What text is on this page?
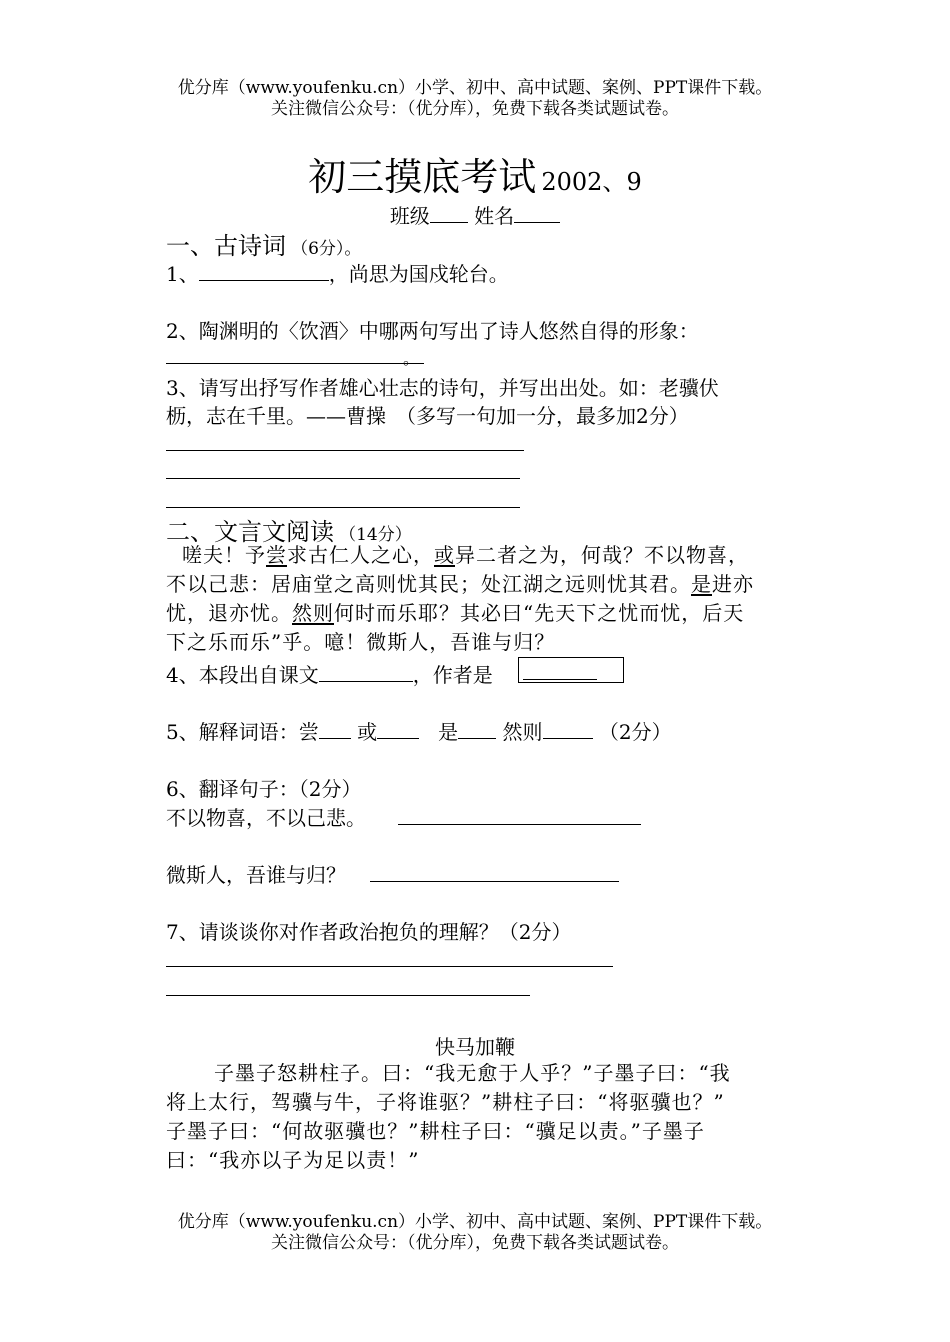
优分库（www.youfenku.cn）小学、初中、高中试题、案例、PPT课件下载。
关注微信公众号：（优分库），免费下载各类试题试卷。
初三摸底考试 2002、9
班级 姓名
一、古诗词 （6分）。
1、	，尚思为国戍轮台。
2、陶渊明的〈饮酒〉中哪两句写出了诗人悠然自得的形象：
。
3、请写出抒写作者雄心壮志的诗句，并写出出处。如：老骥伏
枥，志在千里。——曹操　（多写一句加一分，最多加2分）
二、文言文阅读 （14分）
嗟夫！予尝求古仁人之心，或异二者之为，何哉？不以物喜，
不以己悲：居庙堂之高则忧其民；处江湖之远则忧其君。是进亦
忧，退亦忧。然则何时而乐耶？其必曰“先天下之忧而忧，后天
下之乐而乐”乎。噫！微斯人，吾谁与归？
4、本段出自课文	，作者是
5、解释词语：尝 或	是 然则	（2分）
6、翻译句子：（2分）
不以物喜，不以己悲。
微斯人，吾谁与归？
7、请谈谈你对作者政治抱负的理解？（2分）
快马加鞭
子墨子怒耕柱子。曰：“我无愈于人乎？”子墨子曰：“我
将上太行，驾骥与牛，子将谁驱？”耕柱子曰：“将驱骥也？”
子墨子曰：“何故驱骥也？”耕柱子曰：“骥足以责。”子墨子
曰：“我亦以子为足以责！”
优分库（www.youfenku.cn）小学、初中、高中试题、案例、PPT课件下载。
关注微信公众号：（优分库），免费下载各类试题试卷。
